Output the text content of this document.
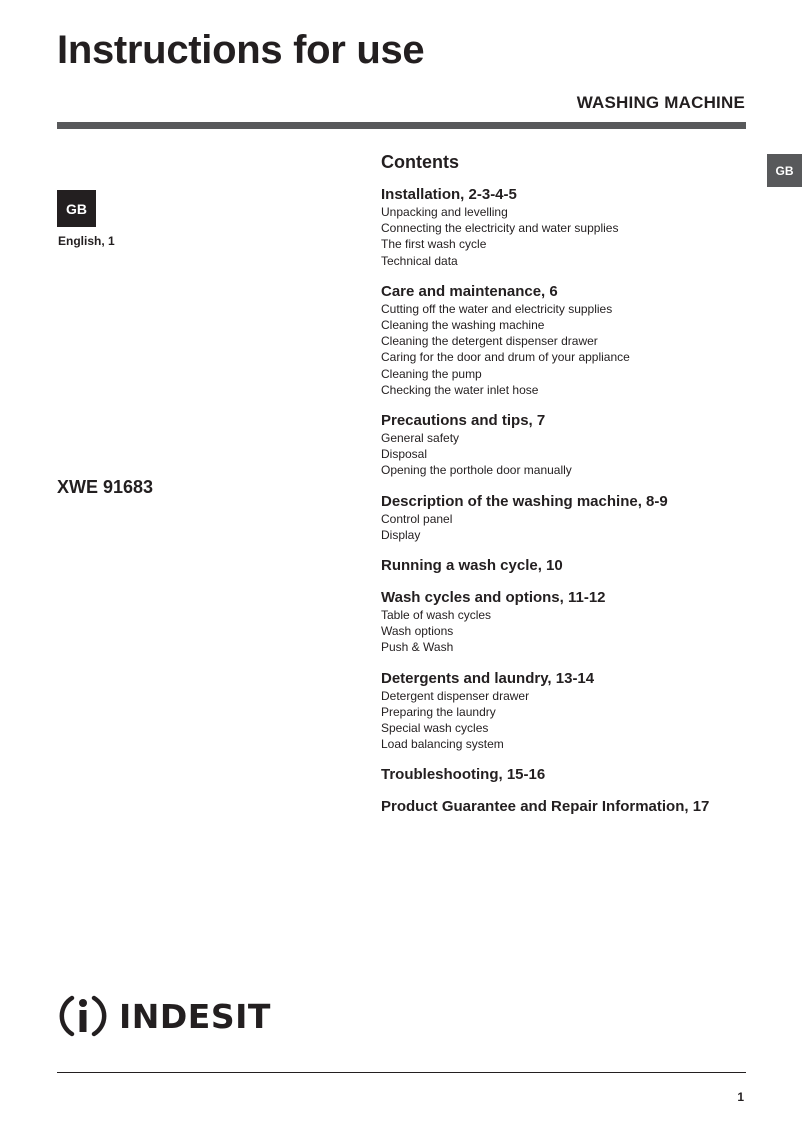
Instructions for use
WASHING MACHINE
GB
GB
English, 1
XWE 91683
Contents
Installation, 2-3-4-5
Unpacking and levelling
Connecting the electricity and water supplies
The first wash cycle
Technical data
Care and maintenance, 6
Cutting off the water and electricity supplies
Cleaning the washing machine
Cleaning the detergent dispenser drawer
Caring for the door and drum of your appliance
Cleaning the pump
Checking the water inlet hose
Precautions and tips, 7
General safety
Disposal
Opening the porthole door manually
Description of the washing machine, 8-9
Control panel
Display
Running a wash cycle, 10
Wash cycles and options, 11-12
Table of wash cycles
Wash options
Push & Wash
Detergents and laundry, 13-14
Detergent dispenser drawer
Preparing the laundry
Special wash cycles
Load balancing system
Troubleshooting, 15-16
Product Guarantee and Repair Information, 17
INDESIT
1
